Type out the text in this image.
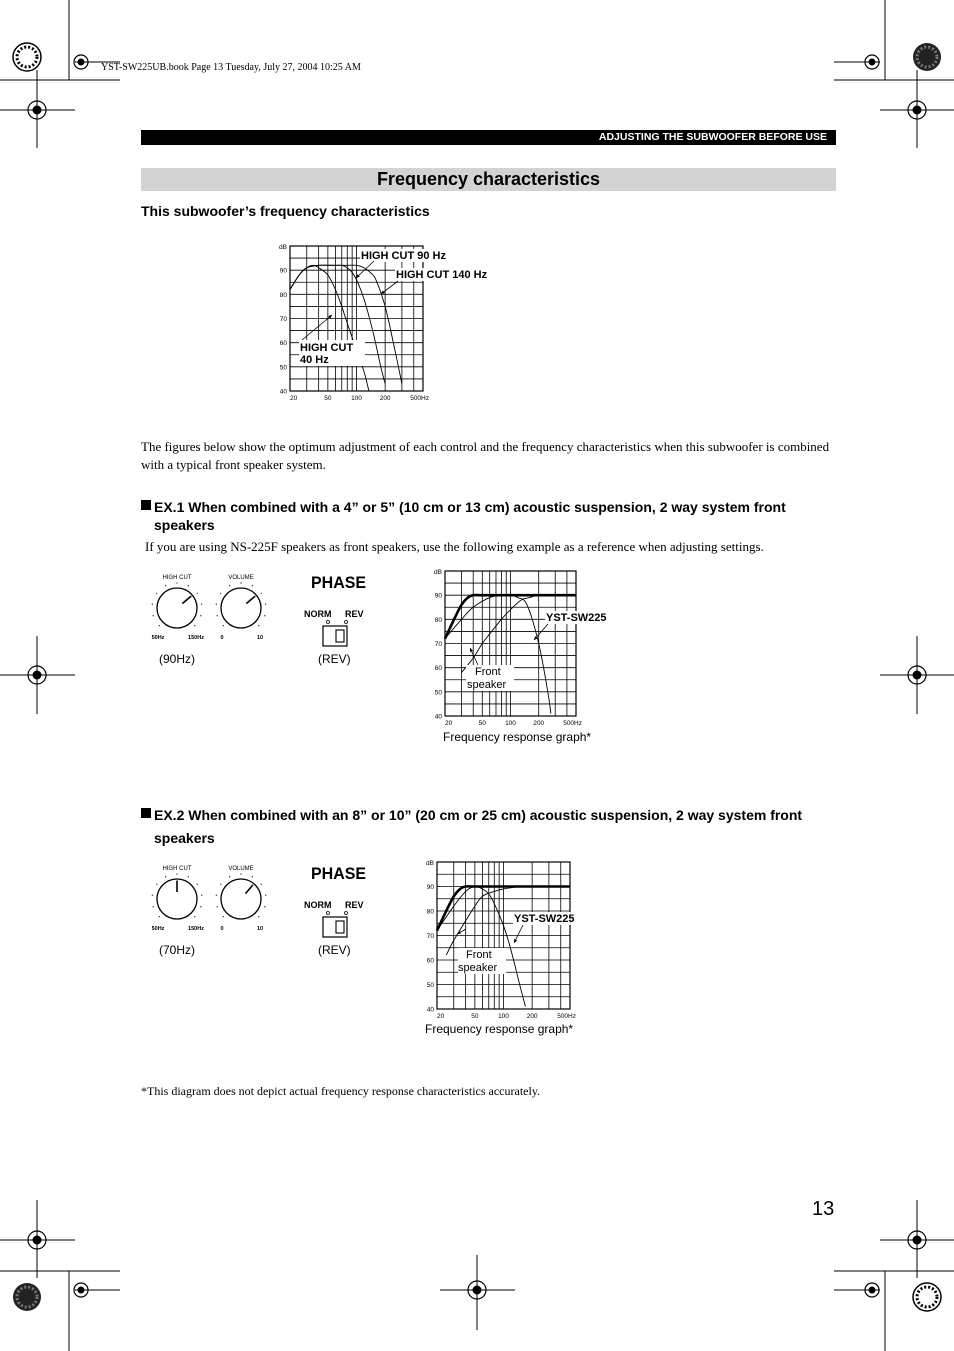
YST-SW225UB.book Page 13 Tuesday, July 27, 2004 10:25 AM
ADJUSTING THE SUBWOOFER BEFORE USE
Frequency characteristics
This subwoofer’s frequency characteristics
dB
40
50
60
70
80
90
20	50	100	200	500Hz
HIGH CUT 90 Hz
HIGH CUT 140 Hz
HIGH CUT 40 Hz
The figures below show the optimum adjustment of each control and the frequency characteristics when this subwoofer is combined with a typical front speaker system.
EX.1 When combined with a 4” or 5” (10 cm or 13 cm) acoustic suspension, 2 way system front speakers
If you are using NS-225F speakers as front speakers, use the following example as a reference when adjusting settings.
HIGH CUT
50Hz	150Hz
VOLUME
0	10
(90Hz)
PHASE
NORM REV
(REV)
dB
40
50
60
70
80
90
20	50	100	200	500Hz
YST-SW225
Front speaker
Frequency response graph*
EX.2 When combined with an 8” or 10” (20 cm or 25 cm) acoustic suspension, 2 way system front
speakers
HIGH CUT
50Hz	150Hz
VOLUME
0	10
(70Hz)
PHASE
NORM REV
(REV)
dB
40
50
60
70
80
90
20	50	100	200	500Hz
YST-SW225
Front speaker
Frequency response graph*
*This diagram does not depict actual frequency response characteristics accurately.
13
